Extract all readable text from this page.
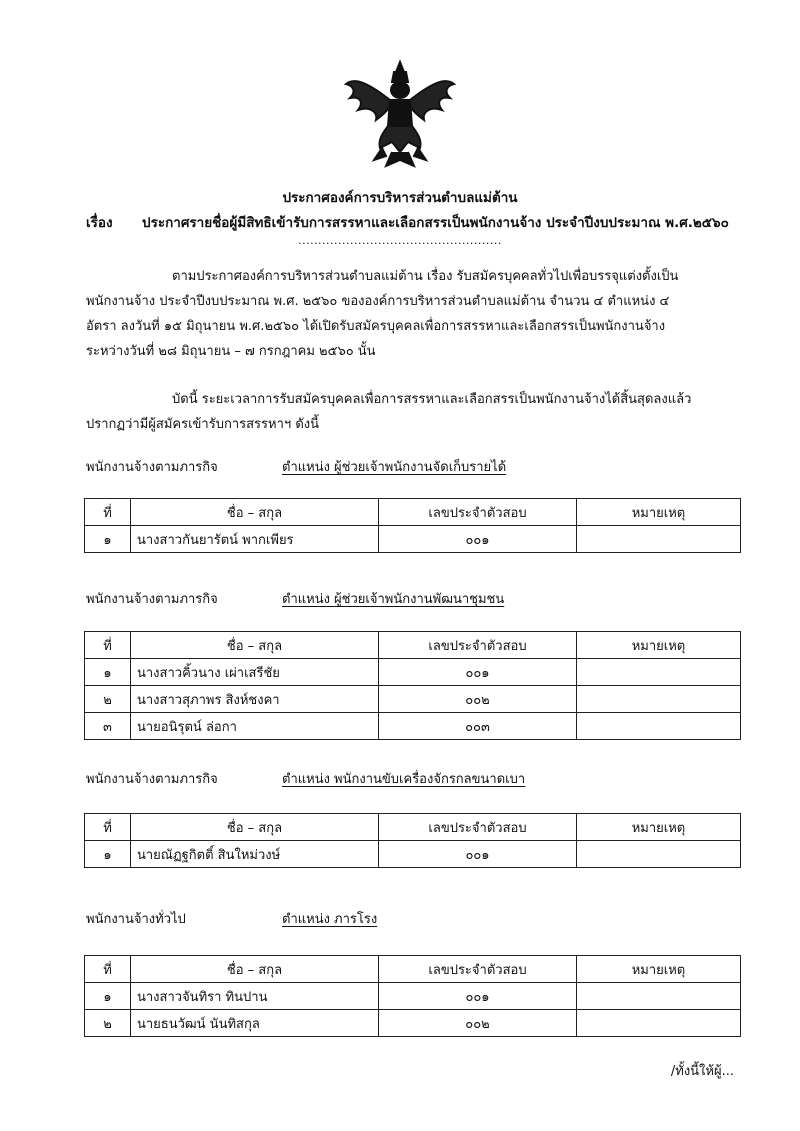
ประกาศองค์การบริหารส่วนตำบลแม่ต้าน
เรื่อง ประกาศรายชื่อผู้มีสิทธิเข้ารับการสรรหาและเลือกสรรเป็นพนักงานจ้าง ประจำปีงบประมาณ พ.ศ.๒๕๖๐
...................................................
ตามประกาศองค์การบริหารส่วนตำบลแม่ต้าน เรื่อง รับสมัครบุคคลทั่วไปเพื่อบรรจุแต่งตั้งเป็น
พนักงานจ้าง ประจำปีงบประมาณ พ.ศ. ๒๕๖๐ ขององค์การบริหารส่วนตำบลแม่ต้าน จำนวน ๔ ตำแหน่ง ๔
อัตรา ลงวันที่ ๑๕ มิถุนายน พ.ศ.๒๕๖๐ ได้เปิดรับสมัครบุคคลเพื่อการสรรหาและเลือกสรรเป็นพนักงานจ้าง
ระหว่างวันที่ ๒๘ มิถุนายน – ๗ กรกฎาคม ๒๕๖๐ นั้น
บัดนี้ ระยะเวลาการรับสมัครบุคคลเพื่อการสรรหาและเลือกสรรเป็นพนักงานจ้างได้สิ้นสุดลงแล้ว
ปรากฏว่ามีผู้สมัครเข้ารับการสรรหาฯ ดังนี้
พนักงานจ้างตามภารกิจ	ตำแหน่ง ผู้ช่วยเจ้าพนักงานจัดเก็บรายได้
ที่	ชื่อ – สกุล	เลขประจำตัวสอบ	หมายเหตุ
๑	นางสาวกันยารัตน์ พากเพียร	๐๐๑	
พนักงานจ้างตามภารกิจ	ตำแหน่ง ผู้ช่วยเจ้าพนักงานพัฒนาชุมชน
ที่	ชื่อ – สกุล	เลขประจำตัวสอบ	หมายเหตุ
๑	นางสาวคิ้วนาง เผ่าเสรีชัย	๐๐๑	
๒	นางสาวสุภาพร สิงห์ชงคา	๐๐๒	
๓	นายอนิรุตน์ ล่อกา	๐๐๓	
พนักงานจ้างตามภารกิจ	ตำแหน่ง พนักงานขับเครื่องจักรกลขนาดเบา
ที่	ชื่อ – สกุล	เลขประจำตัวสอบ	หมายเหตุ
๑	นายณัฏฐกิตติ์ สินใหม่วงษ์	๐๐๑	
พนักงานจ้างทั่วไป	ตำแหน่ง ภารโรง
ที่	ชื่อ – สกุล	เลขประจำตัวสอบ	หมายเหตุ
๑	นางสาวจันทิรา ทินปาน	๐๐๑	
๒	นายธนวัฒน์ นันทิสกุล	๐๐๒	
/ทั้งนี้ให้ผู้...
